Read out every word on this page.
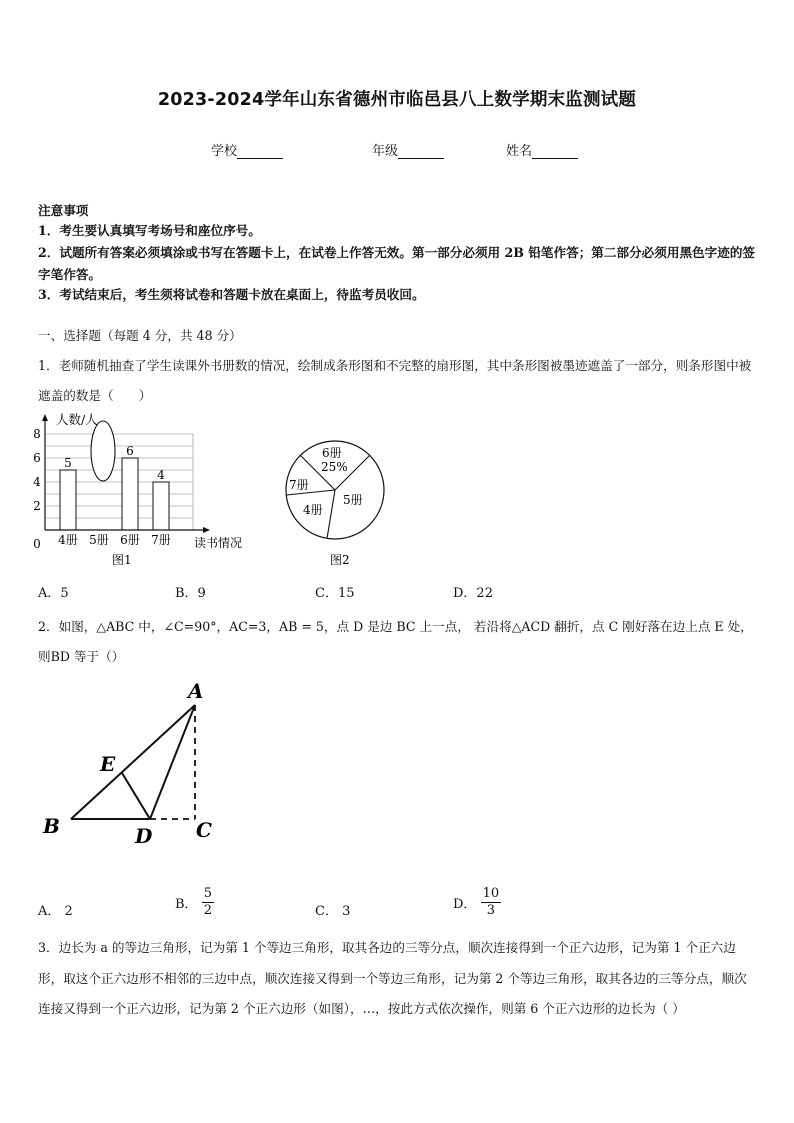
2023-2024学年山东省德州市临邑县八上数学期末监测试题
学校	年级	姓名
注意事项
1．考生要认真填写考场号和座位序号。
2．试题所有答案必须填涂或书写在答题卡上，在试卷上作答无效。第一部分必须用 2B 铅笔作答；第二部分必须用黑色字迹的签字笔作答。
3．考试结束后，考生须将试卷和答题卡放在桌面上，待监考员收回。
一、选择题（每题 4 分，共 48 分）
1．老师随机抽查了学生读课外书册数的情况，绘制成条形图和不完整的扇形图，其中条形图被墨迹遮盖了一部分，则条形图中被遮盖的数是（　　）
人数/人
读书情况
0
2
4
6
8
4册 5册 6册 7册
5
6
4
图1
6册
25%
5册
4册
7册
图2
A．5	B．9	C．15	D．22
2．如图，△ABC 中，∠C=90°，AC=3，AB = 5，点 D 是边 BC 上一点， 若沿将△ACD 翻折，点 C 刚好落在边上点 E 处，则BD 等于（）
A
B	C
D
E
A． 2	B． $\frac{5}{2}$	C． 3	D． $\frac{10}{3}$
3．边长为 a 的等边三角形，记为第 1 个等边三角形，取其各边的三等分点，顺次连接得到一个正六边形，记为第 1 个正六边形，取这个正六边形不相邻的三边中点，顺次连接又得到一个等边三角形，记为第 2 个等边三角形，取其各边的三等分点，顺次连接又得到一个正六边形，记为第 2 个正六边形（如图），…，按此方式依次操作，则第 6 个正六边形的边长为（ ）
